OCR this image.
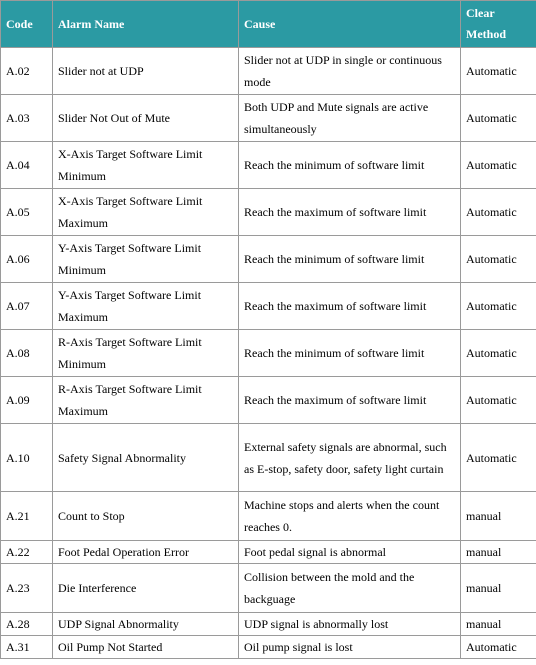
Code	Alarm Name	Cause	Clear
Method
A.02	Slider not at UDP	Slider not at UDP in single or continuous mode	Automatic
A.03	Slider Not Out of Mute	Both UDP and Mute signals are active simultaneously	Automatic
A.04	X-Axis Target Software Limit Minimum	Reach the minimum of software limit	Automatic
A.05	X-Axis Target Software Limit Maximum	Reach the maximum of software limit	Automatic
A.06	Y-Axis Target Software Limit Minimum	Reach the minimum of software limit	Automatic
A.07	Y-Axis Target Software Limit Maximum	Reach the maximum of software limit	Automatic
A.08	R-Axis Target Software Limit Minimum	Reach the minimum of software limit	Automatic
A.09	R-Axis Target Software Limit Maximum	Reach the maximum of software limit	Automatic
A.10	Safety Signal Abnormality	External safety signals are abnormal, such as E-stop, safety door, safety light curtain	Automatic
A.21	Count to Stop	Machine stops and alerts when the count reaches 0.	manual
A.22	Foot Pedal Operation Error	Foot pedal signal is abnormal	manual
A.23	Die Interference	Collision between the mold and the backguage	manual
A.28	UDP Signal Abnormality	UDP signal is abnormally lost	manual
A.31	Oil Pump Not Started	Oil pump signal is lost	Automatic
